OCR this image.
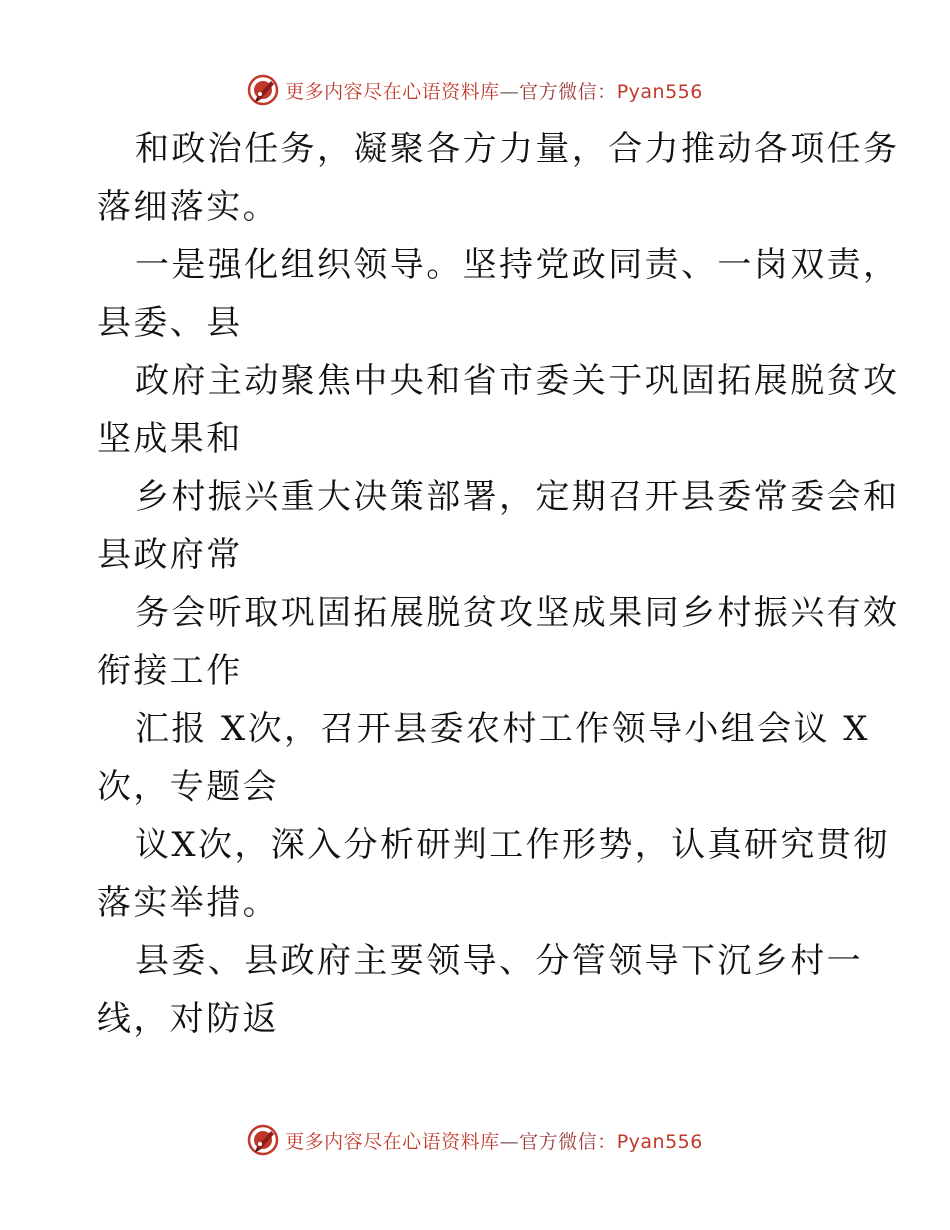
更多内容尽在心语资料库—官方微信：Pyan556
和政治任务，凝聚各方力量，合力推动各项任务
落细落实。
一是强化组织领导。坚持党政同责、一岗双责，
县委、县
政府主动聚焦中央和省市委关于巩固拓展脱贫攻
坚成果和
乡村振兴重大决策部署，定期召开县委常委会和
县政府常
务会听取巩固拓展脱贫攻坚成果同乡村振兴有效
衔接工作
汇报 X次，召开县委农村工作领导小组会议 X
次，专题会
议X次，深入分析研判工作形势，认真研究贯彻
落实举措。
县委、县政府主要领导、分管领导下沉乡村一
线，对防返
更多内容尽在心语资料库—官方微信：Pyan556
